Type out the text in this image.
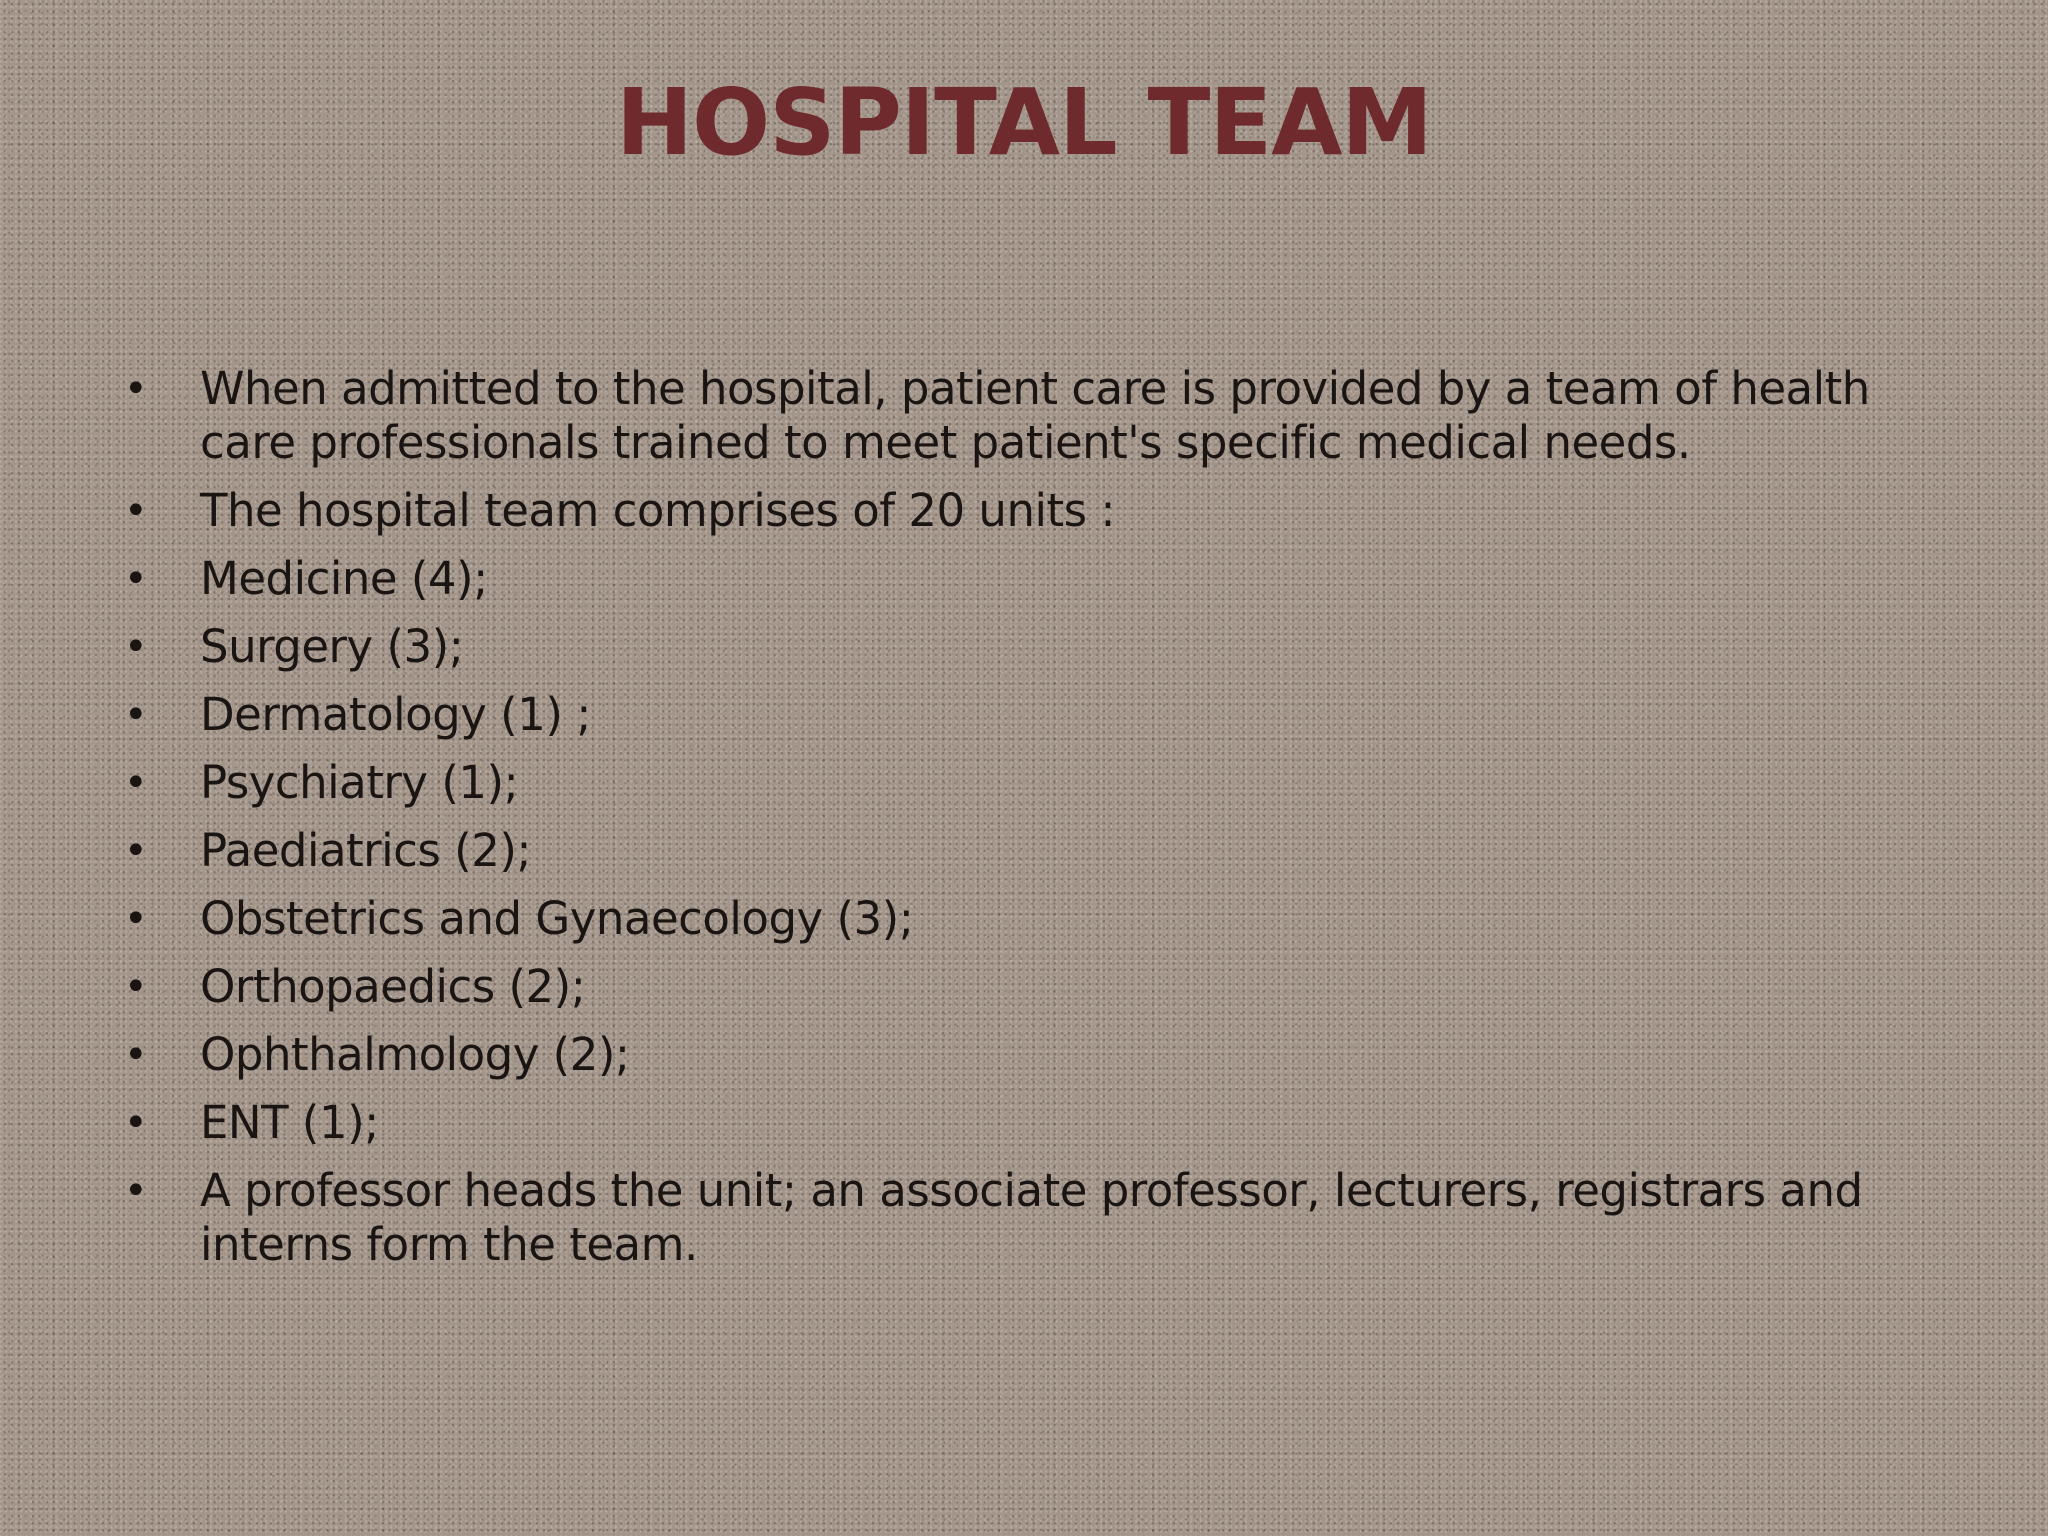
HOSPITAL TEAM
• When admitted to the hospital, patient care is provided by a team of health care professionals trained to meet patient's specific medical needs.
• The hospital team comprises of 20 units :
• Medicine (4);
• Surgery (3);
• Dermatology (1) ;
• Psychiatry (1);
• Paediatrics (2);
• Obstetrics and Gynaecology (3);
• Orthopaedics (2);
• Ophthalmology (2);
• ENT (1);
• A professor heads the unit; an associate professor, lecturers, registrars and interns form the team.
